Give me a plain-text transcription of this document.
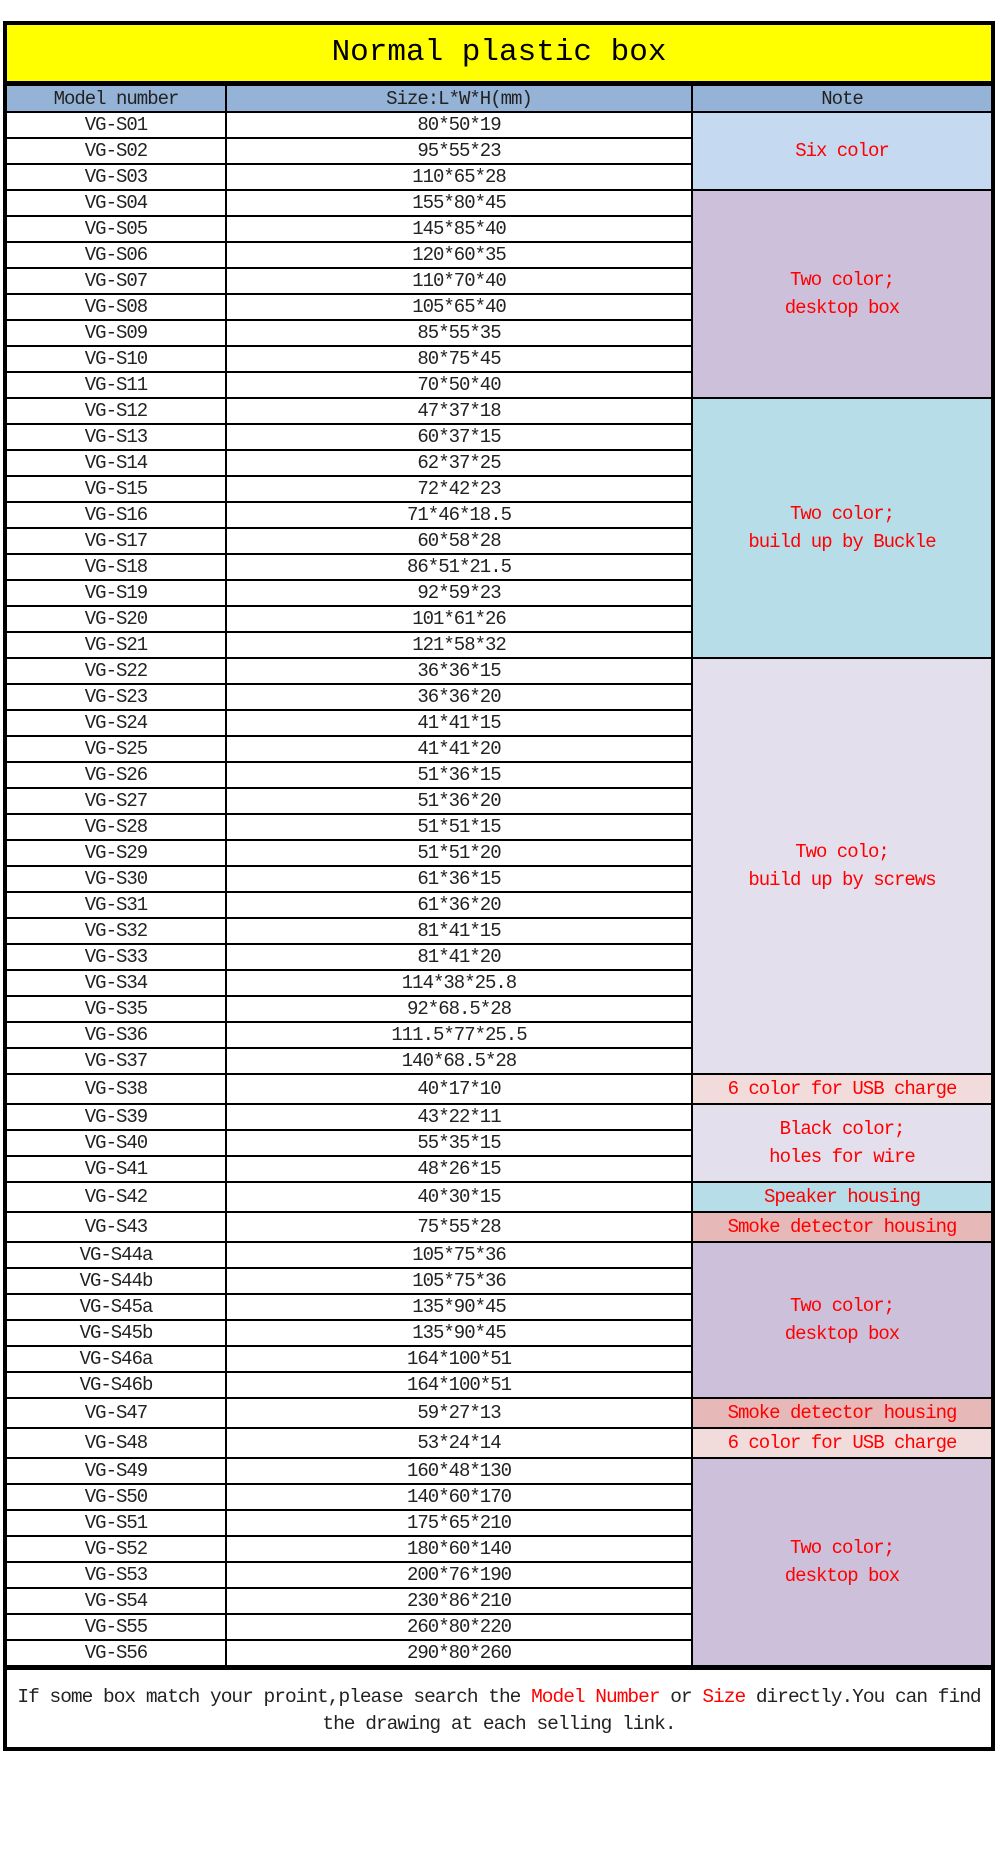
Normal plastic box
Model number	Size:L*W*H(mm)	Note
VG-S01	80*50*19	Six color
VG-S02	95*55*23	
VG-S03	110*65*28	
VG-S04	155*80*45	Two color;
desktop box
VG-S05	145*85*40	
VG-S06	120*60*35	
VG-S07	110*70*40	
VG-S08	105*65*40	
VG-S09	85*55*35	
VG-S10	80*75*45	
VG-S11	70*50*40	
VG-S12	47*37*18	Two color;
build up by Buckle
VG-S13	60*37*15	
VG-S14	62*37*25	
VG-S15	72*42*23	
VG-S16	71*46*18.5	
VG-S17	60*58*28	
VG-S18	86*51*21.5	
VG-S19	92*59*23	
VG-S20	101*61*26	
VG-S21	121*58*32	
VG-S22	36*36*15	Two colo;
build up by screws
VG-S23	36*36*20	
VG-S24	41*41*15	
VG-S25	41*41*20	
VG-S26	51*36*15	
VG-S27	51*36*20	
VG-S28	51*51*15	
VG-S29	51*51*20	
VG-S30	61*36*15	
VG-S31	61*36*20	
VG-S32	81*41*15	
VG-S33	81*41*20	
VG-S34	114*38*25.8	
VG-S35	92*68.5*28	
VG-S36	111.5*77*25.5	
VG-S37	140*68.5*28	
VG-S38	40*17*10	6 color for USB charge
VG-S39	43*22*11	Black color;
holes for wire
VG-S40	55*35*15	
VG-S41	48*26*15	
VG-S42	40*30*15	Speaker housing
VG-S43	75*55*28	Smoke detector housing
VG-S44a	105*75*36	Two color;
desktop box
VG-S44b	105*75*36	
VG-S45a	135*90*45	
VG-S45b	135*90*45	
VG-S46a	164*100*51	
VG-S46b	164*100*51	
VG-S47	59*27*13	Smoke detector housing
VG-S48	53*24*14	6 color for USB charge
VG-S49	160*48*130	Two color;
desktop box
VG-S50	140*60*170	
VG-S51	175*65*210	
VG-S52	180*60*140	
VG-S53	200*76*190	
VG-S54	230*86*210	
VG-S55	260*80*220	
VG-S56	290*80*260	
If some box match your proint,please search the Model Number or Size directly.You can find the drawing at each selling link.
